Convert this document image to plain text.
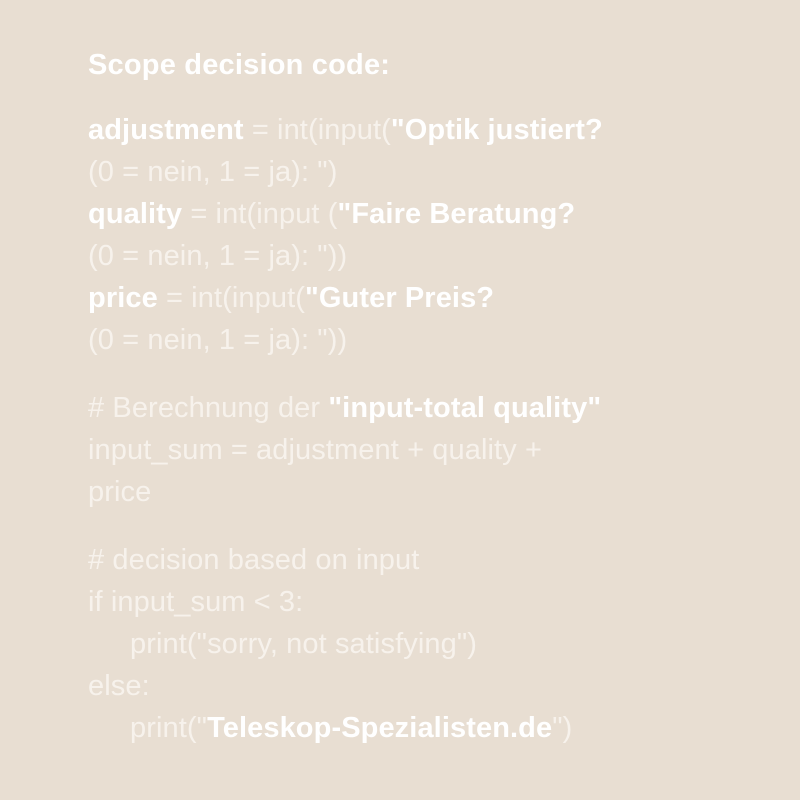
Scope decision code:
adjustment = int(input("Optik justiert?
(0 = nein, 1 = ja): ")
quality = int(input ("Faire Beratung?
(0 = nein, 1 = ja): "))
price = int(input("Guter Preis?
(0 = nein, 1 = ja): "))
# Berechnung der "input-total quality"
input_sum = adjustment + quality +
price
# decision based on input
if input_sum < 3:
print("sorry, not satisfying")
else:
print("Teleskop-Spezialisten.de")
